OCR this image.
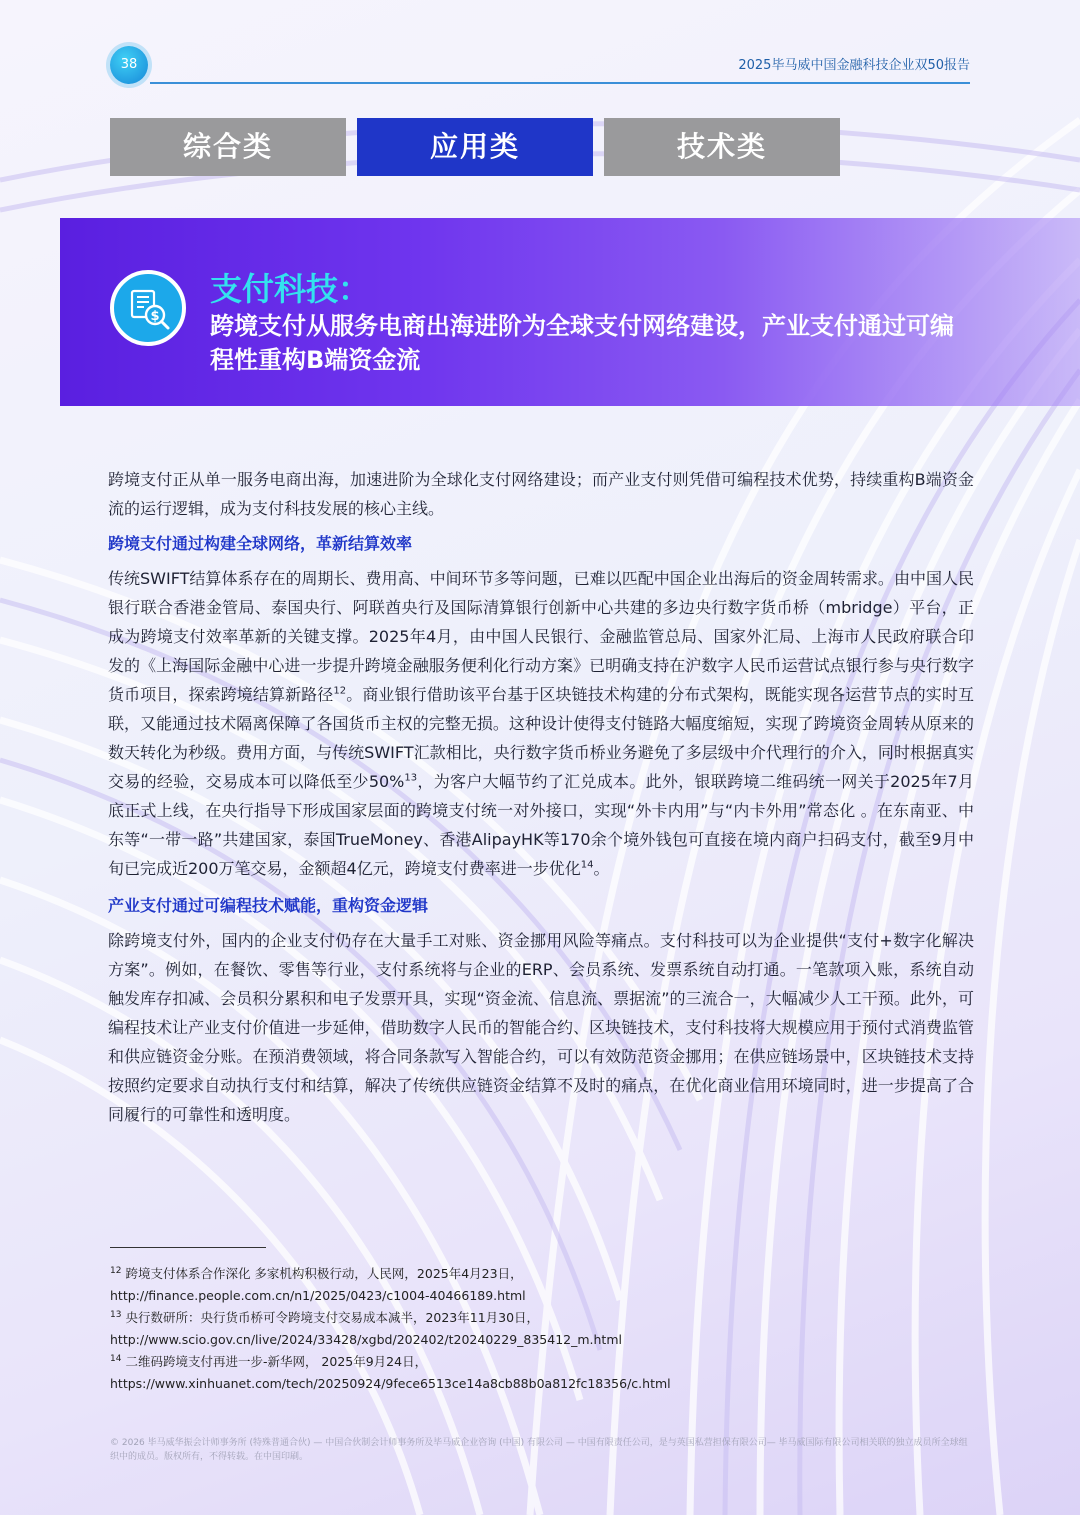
38	2025毕马威中国金融科技企业双50报告
综合类	应用类	技术类
$
支付科技：
跨境支付从服务电商出海进阶为全球支付网络建设，产业支付通过可编程性重构B端资金流

跨境支付正从单一服务电商出海，加速进阶为全球化支付网络建设；而产业支付则凭借可编程技术优势，持续重构B端资金流的运行逻辑，成为支付科技发展的核心主线。

跨境支付通过构建全球网络，革新结算效率

传统SWIFT结算体系存在的周期长、费用高、中间环节多等问题，已难以匹配中国企业出海后的资金周转需求。由中国人民银行联合香港金管局、泰国央行、阿联酋央行及国际清算银行创新中心共建的多边央行数字货币桥（mbridge）平台，正成为跨境支付效率革新的关键支撑。2025年4月，由中国人民银行、金融监管总局、国家外汇局、上海市人民政府联合印发的《上海国际金融中心进一步提升跨境金融服务便利化行动方案》已明确支持在沪数字人民币运营试点银行参与央行数字货币项目，探索跨境结算新路径$^{12}$。商业银行借助该平台基于区块链技术构建的分布式架构，既能实现各运营节点的实时互联，又能通过技术隔离保障了各国货币主权的完整无损。这种设计使得支付链路大幅度缩短，实现了跨境资金周转从原来的数天转化为秒级。费用方面，与传统SWIFT汇款相比，央行数字货币桥业务避免了多层级中介代理行的介入，同时根据真实交易的经验，交易成本可以降低至少50%$^{13}$，为客户大幅节约了汇兑成本。此外，银联跨境二维码统一网关于2025年7月底正式上线，在央行指导下形成国家层面的跨境支付统一对外接口，实现“外卡内用”与“内卡外用”常态化 。在东南亚、中东等“一带一路”共建国家，泰国TrueMoney、香港AlipayHK等170余个境外钱包可直接在境内商户扫码支付，截至9月中旬已完成近200万笔交易，金额超4亿元，跨境支付费率进一步优化$^{14}$。

产业支付通过可编程技术赋能，重构资金逻辑

除跨境支付外，国内的企业支付仍存在大量手工对账、资金挪用风险等痛点。支付科技可以为企业提供“支付+数字化解决方案”。例如，在餐饮、零售等行业，支付系统将与企业的ERP、会员系统、发票系统自动打通。一笔款项入账，系统自动触发库存扣减、会员积分累积和电子发票开具，实现“资金流、信息流、票据流”的三流合一，大幅减少人工干预。此外，可编程技术让产业支付价值进一步延伸，借助数字人民币的智能合约、区块链技术，支付科技将大规模应用于预付式消费监管和供应链资金分账。在预消费领域，将合同条款写入智能合约，可以有效防范资金挪用；在供应链场景中，区块链技术支持按照约定要求自动执行支付和结算，解决了传统供应链资金结算不及时的痛点，在优化商业信用环境同时，进一步提高了合同履行的可靠性和透明度。

$^{12}$ 跨境支付体系合作深化 多家机构积极行动，人民网，2025年4月23日，

http://finance.people.com.cn/n1/2025/0423/c1004-40466189.html

$^{13}$ 央行数研所：央行货币桥可令跨境支付交易成本减半，2023年11月30日，

http://www.scio.gov.cn/live/2024/33428/xgbd/202402/t20240229_835412_m.html

$^{14}$ 二维码跨境支付再进一步-新华网， 2025年9月24日，

https://www.xinhuanet.com/tech/20250924/9fece6513ce14a8cb88b0a812fc18356/c.html

© 2026 毕马威华振会计师事务所 (特殊普通合伙) — 中国合伙制会计师事务所及毕马威企业咨询 (中国) 有限公司 — 中国有限责任公司，是与英国私营担保有限公司— 毕马威国际有限公司相关联的独立成员所全球组织中的成员。版权所有，不得转载。在中国印刷。
